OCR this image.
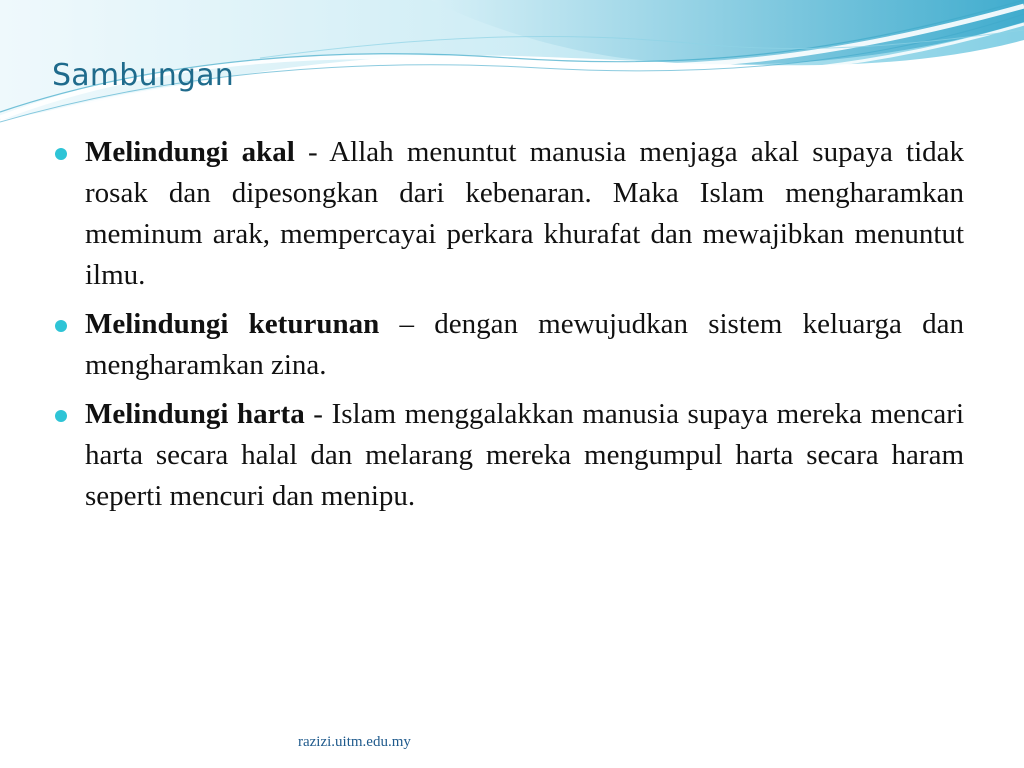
Sambungan
Melindungi akal - Allah menuntut manusia menjaga akal supaya tidak rosak dan dipesongkan dari kebenaran. Maka Islam mengharamkan meminum arak, mempercayai perkara khurafat dan mewajibkan menuntut ilmu.
Melindungi keturunan – dengan mewujudkan sistem keluarga dan mengharamkan zina.
Melindungi harta - Islam menggalakkan manusia supaya mereka mencari harta secara halal dan melarang mereka mengumpul harta secara haram seperti mencuri dan menipu.
razizi.uitm.edu.my
